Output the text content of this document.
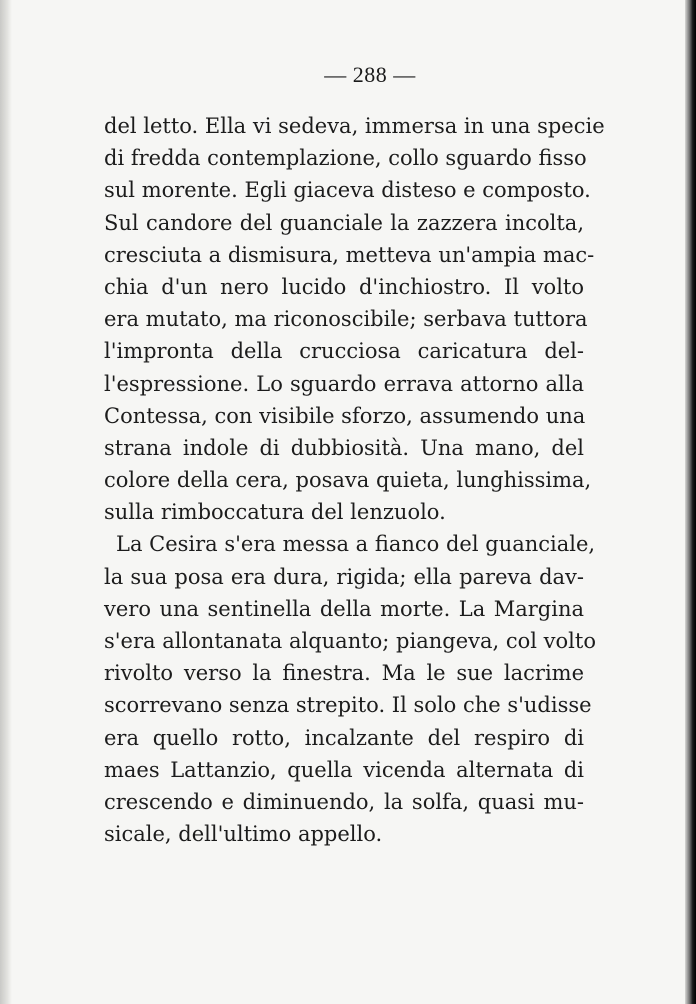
— 288 —
del letto. Ella vi sedeva, immersa in una specie
di fredda contemplazione, collo sguardo fisso
sul morente. Egli giaceva disteso e composto.
Sul candore del guanciale la zazzera incolta,
cresciuta a dismisura, metteva un'ampia mac-
chia d'un nero lucido d'inchiostro. Il volto
era mutato, ma riconoscibile; serbava tuttora
l'impronta della crucciosa caricatura del-
l'espressione. Lo sguardo errava attorno alla
Contessa, con visibile sforzo, assumendo una
strana indole di dubbiosità. Una mano, del
colore della cera, posava quieta, lunghissima,
sulla rimboccatura del lenzuolo.
La Cesira s'era messa a fianco del guanciale,
la sua posa era dura, rigida; ella pareva dav-
vero una sentinella della morte. La Margina
s'era allontanata alquanto; piangeva, col volto
rivolto verso la finestra. Ma le sue lacrime
scorrevano senza strepito. Il solo che s'udisse
era quello rotto, incalzante del respiro di
maes Lattanzio, quella vicenda alternata di
crescendo e diminuendo, la solfa, quasi mu-
sicale, dell'ultimo appello.
